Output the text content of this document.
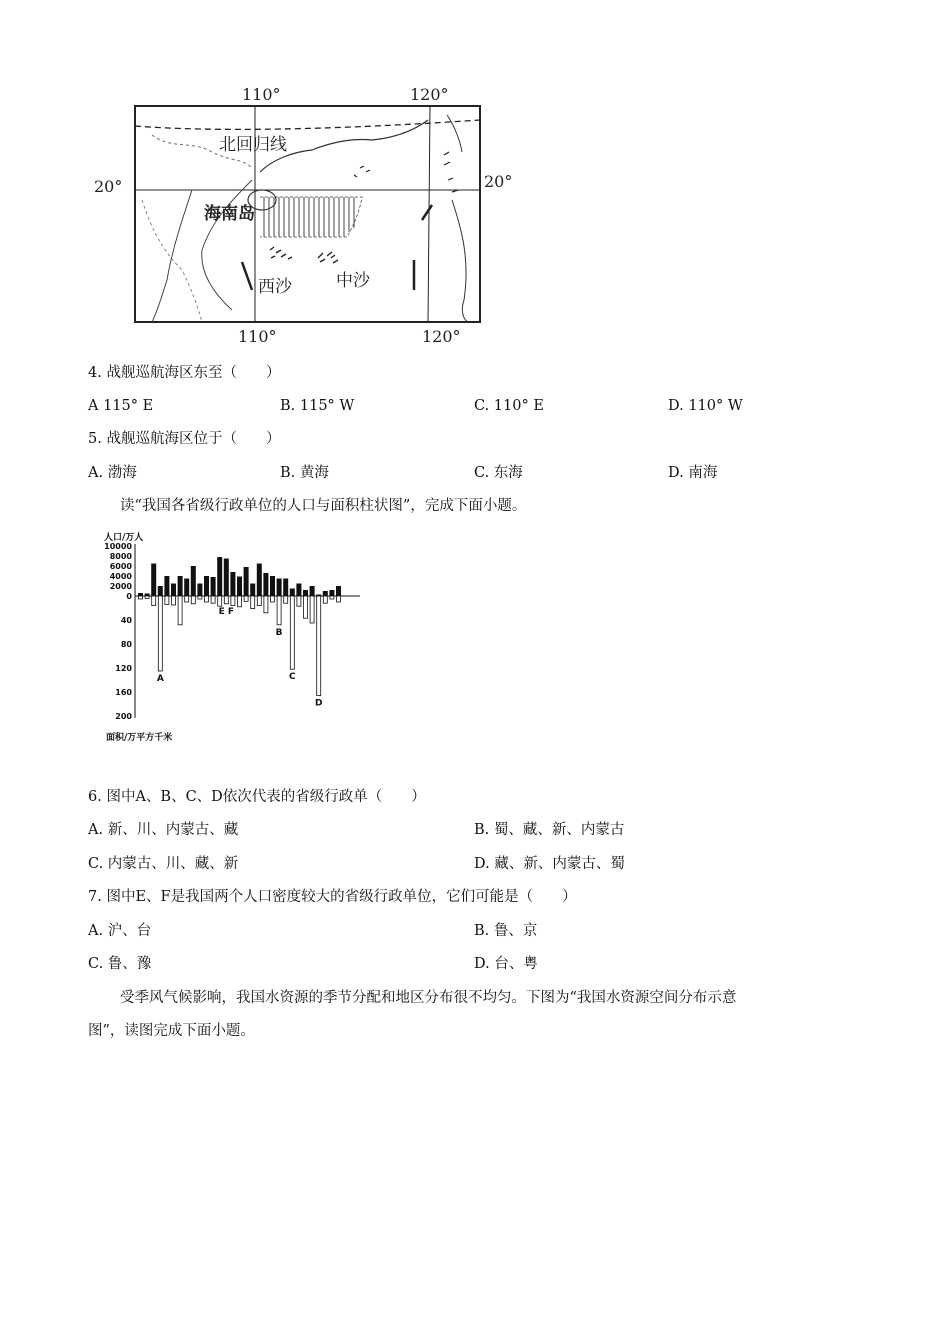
110°	120°
110°	120°
20°	20°
北回归线
海南岛
西沙	中沙
4. 战舰巡航海区东至（　　）
A 115° E	B. 115° W	C. 110° E	D. 110° W
5. 战舰巡航海区位于（　　）
A. 渤海	B. 黄海	C. 东海	D. 南海
读“我国各省级行政单位的人口与面积柱状图”，完成下面小题。
人口/万人
面积/万平方千米
10000
8000
6000
4000
2000
0
40
80
120
160
200
A
E F
B
C
D
6. 图中A、B、C、D依次代表的省级行政单（　　）
A. 新、川、内蒙古、藏	B. 蜀、藏、新、内蒙古
C. 内蒙古、川、藏、新	D. 藏、新、内蒙古、蜀
7. 图中E、F是我国两个人口密度较大的省级行政单位，它们可能是（　　）
A. 沪、台	B. 鲁、京
C. 鲁、豫	D. 台、粤
受季风气候影响，我国水资源的季节分配和地区分布很不均匀。下图为“我国水资源空间分布示意
图”，读图完成下面小题。
